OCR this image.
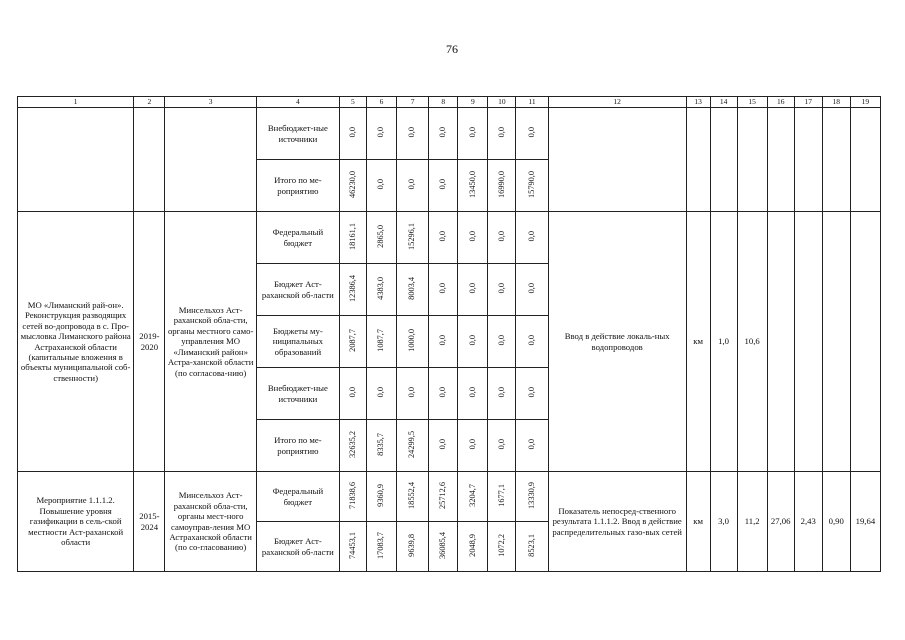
76
1	2	3	4	5	6	7	8	9	10	11	12	13	14	15	16	17	18	19
			Внебюджет-ные источники	0,0	0,0	0,0	0,0	0,0	0,0	0,0								
			Итого по ме-роприятию	46230,0	0,0	0,0	0,0	13450,0	16990,0	15790,0								
МО «Лиманский рай-он». Реконструкция разводящих сетей во-допровода в с. Про-мысловка Лиманского района Астраханской области (капитальные вложения в объекты муниципальной соб-ственности)	2019-2020	Минсельхоз Аст-раханской обла-сти, органы местного само-управления МО «Лиманский район» Астра-ханской области (по согласова-нию)	Федеральный бюджет	18161,1	2865,0	15296,1	0,0	0,0	0,0	0,0	Ввод в действие локаль-ных водопроводов	км	1,0	10,6				
			Бюджет Аст-раханской об-ласти	12386,4	4383,0	8003,4	0,0	0,0	0,0	0,0								
			Бюджеты му-ниципальных образований	2087,7	1087,7	1000,0	0,0	0,0	0,0	0,0								
			Внебюджет-ные источники	0,0	0,0	0,0	0,0	0,0	0,0	0,0								
			Итого по ме-роприятию	32635,2	8335,7	24299,5	0,0	0,0	0,0	0,0								
Мероприятие 1.1.1.2. Повышение уровня газификации в сель-ской местности Аст-раханской области	2015-2024	Минсельхоз Аст-раханской обла-сти, органы мест-ного самоуправ-ления МО Астраханской области (по со-гласованию)	Федеральный бюджет	71838,6	9360,9	18552,4	25712,6	3204,7	1677,1	13330,9	Показатель непосред-ственного результата 1.1.1.2. Ввод в действие распределительных газо-вых сетей	км	3,0	11,2	27,06	2,43	0,90	19,64
			Бюджет Аст-раханской об-ласти	74453,1	17083,7	9639,8	36085,4	2048,9	1072,2	8523,1								
